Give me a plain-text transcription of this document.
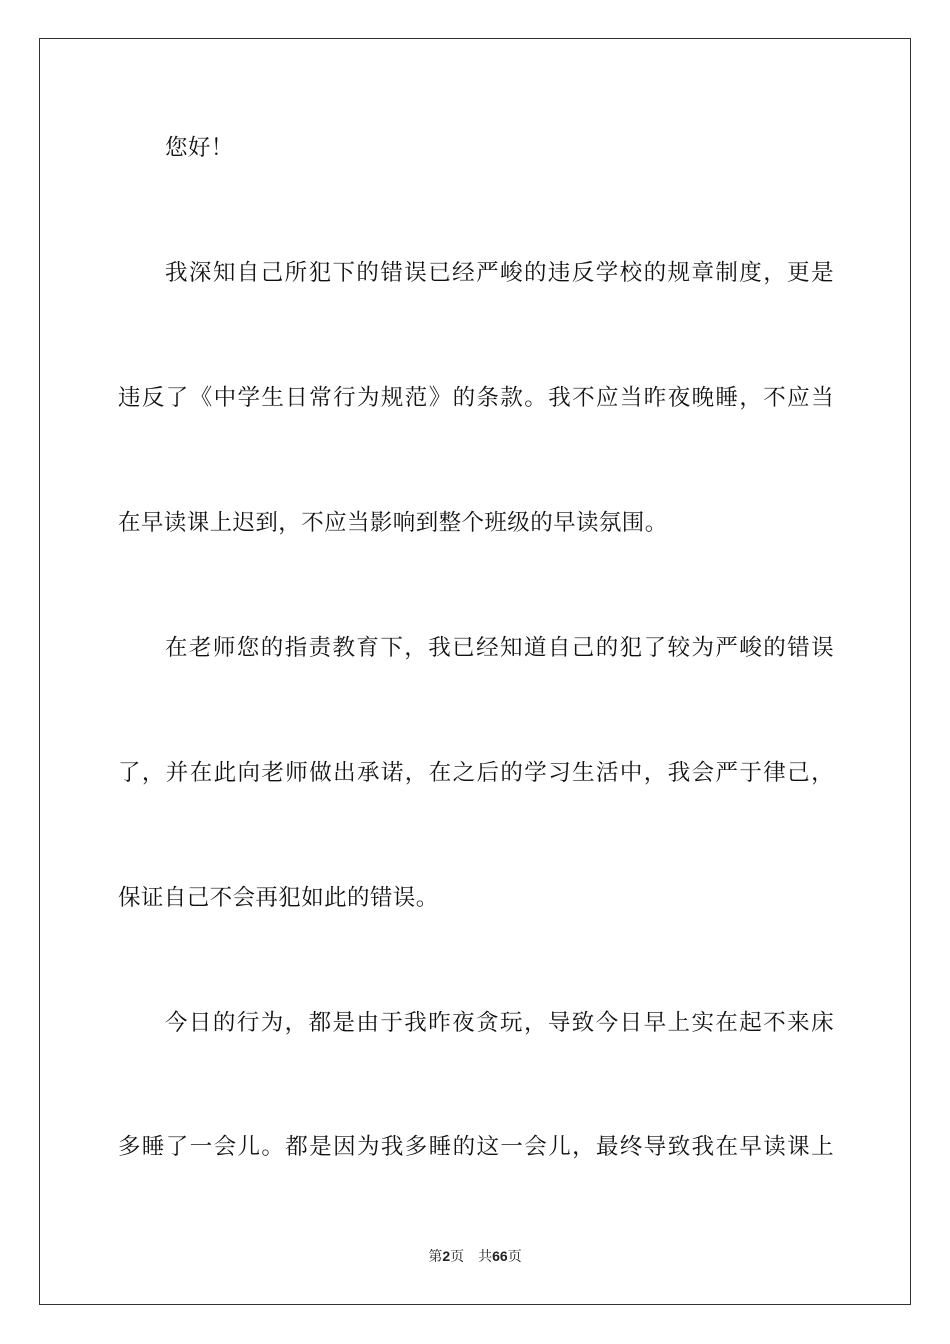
您好！
我深知自己所犯下的错误已经严峻的违反学校的规章制度，更是
违反了《中学生日常行为规范》的条款。我不应当昨夜晚睡，不应当
在早读课上迟到，不应当影响到整个班级的早读氛围。
在老师您的指责教育下，我已经知道自己的犯了较为严峻的错误
了，并在此向老师做出承诺，在之后的学习生活中，我会严于律己，
保证自己不会再犯如此的错误。
今日的行为，都是由于我昨夜贪玩，导致今日早上实在起不来床
多睡了一会儿。都是因为我多睡的这一会儿，最终导致我在早读课上
第2页 共66页
